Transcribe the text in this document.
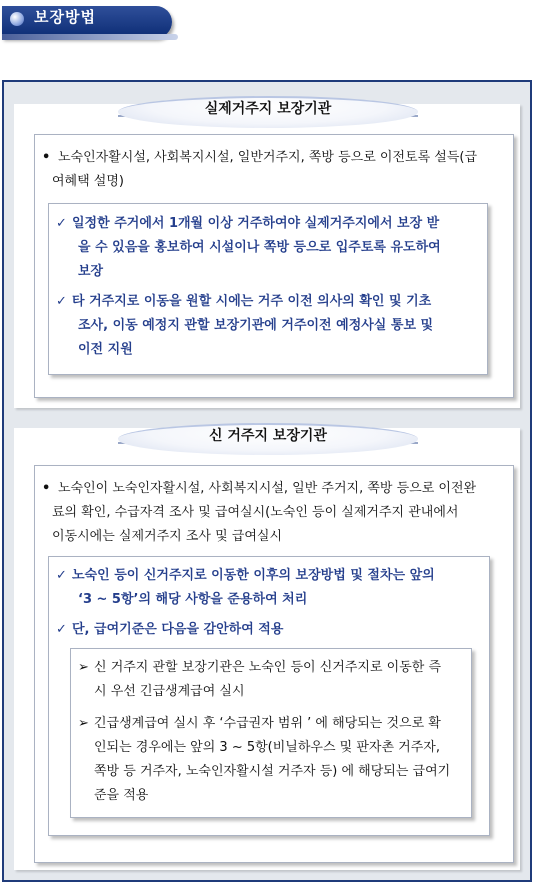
보장방법
실제거주지 보장기관
• 노숙인자활시설, 사회복지시설, 일반거주지, 쪽방 등으로 이전토록 설득(급
여혜택 설명)
✓ 일정한 주거에서 1개월 이상 거주하여야 실제거주지에서 보장 받
을 수 있음을 홍보하여 시설이나 쪽방 등으로 입주토록 유도하여
보장
✓ 타 거주지로 이동을 원할 시에는 거주 이전 의사의 확인 및 기초
조사, 이동 예정지 관할 보장기관에 거주이전 예정사실 통보 및
이전 지원
신 거주지 보장기관
• 노숙인이 노숙인자활시설, 사회복지시설, 일반 주거지, 쪽방 등으로 이전완
료의 확인, 수급자격 조사 및 급여실시(노숙인 등이 실제거주지 관내에서
이동시에는 실제거주지 조사 및 급여실시
✓ 노숙인 등이 신거주지로 이동한 이후의 보장방법 및 절차는 앞의
‘3 ~ 5항’의 해당 사항을 준용하여 처리
✓ 단, 급여기준은 다음을 감안하여 적용
➢ 신 거주지 관할 보장기관은 노숙인 등이 신거주지로 이동한 즉
시 우선 긴급생계급여 실시
➢ 긴급생계급여 실시 후 ‘수급권자 범위 ’ 에 해당되는 것으로 확
인되는 경우에는 앞의 3 ~ 5항(비닐하우스 및 판자촌 거주자,
쪽방 등 거주자, 노숙인자활시설 거주자 등) 에 해당되는 급여기
준을 적용
